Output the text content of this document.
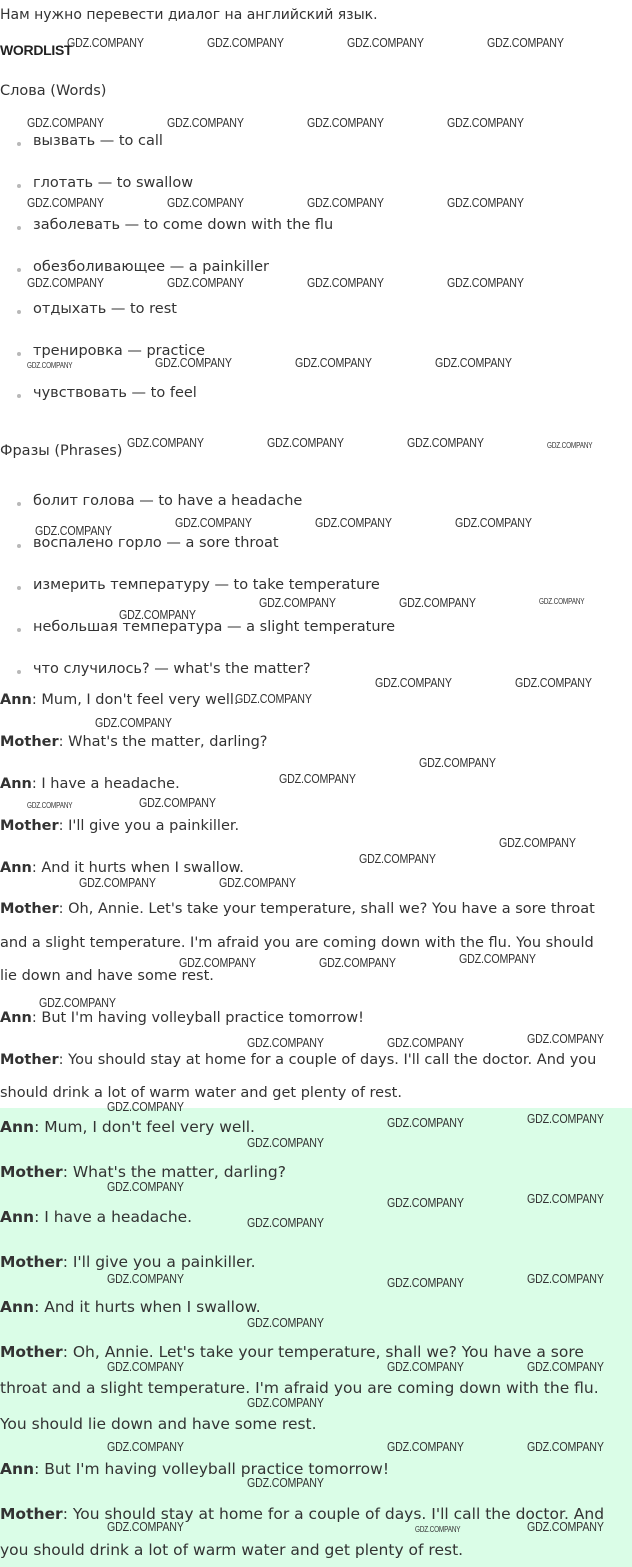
Нам нужно перевести диалог на английский язык.
WORDLIST
Слова (Words)
вызвать — to call
глотать — to swallow
заболевать — to come down with the flu
обезболивающее — a painkiller
отдыхать — to rest
тренировка — practice
чувствовать — to feel
Фразы (Phrases)
болит голова — to have a headache
воспалено горло — a sore throat
измерить температуру — to take temperature
небольшая температура — a slight temperature
что случилось? — what's the matter?
Ann: Mum, I don't feel very well.
Mother: What's the matter, darling?
Ann: I have a headache.
Mother: I'll give you a painkiller.
Ann: And it hurts when I swallow.
Mother: Oh, Annie. Let's take your temperature, shall we? You have a sore throat
and a slight temperature. I'm afraid you are coming down with the flu. You should
lie down and have some rest.
Ann: But I'm having volleyball practice tomorrow!
Mother: You should stay at home for a couple of days. I'll call the doctor. And you
should drink a lot of warm water and get plenty of rest.
Ann: Mum, I don't feel very well.
Mother: What's the matter, darling?
Ann: I have a headache.
Mother: I'll give you a painkiller.
Ann: And it hurts when I swallow.
Mother: Oh, Annie. Let's take your temperature, shall we? You have a sore
throat and a slight temperature. I'm afraid you are coming down with the flu.
You should lie down and have some rest.
Ann: But I'm having volleyball practice tomorrow!
Mother: You should stay at home for a couple of days. I'll call the doctor. And
you should drink a lot of warm water and get plenty of rest.
GDZ.COMPANY	GDZ.COMPANY	GDZ.COMPANY	GDZ.COMPANY
GDZ.COMPANY	GDZ.COMPANY	GDZ.COMPANY	GDZ.COMPANY
GDZ.COMPANY	GDZ.COMPANY	GDZ.COMPANY	GDZ.COMPANY
GDZ.COMPANY	GDZ.COMPANY	GDZ.COMPANY	GDZ.COMPANY
GDZ.COMPANY	GDZ.COMPANY	GDZ.COMPANY	GDZ.COMPANY
GDZ.COMPANY	GDZ.COMPANY	GDZ.COMPANY	GDZ.COMPANY
GDZ.COMPANY
GDZ.COMPANY	GDZ.COMPANY	GDZ.COMPANY
GDZ.COMPANY
GDZ.COMPANY	GDZ.COMPANY	GDZ.COMPANY
GDZ.COMPANY	GDZ.COMPANY
GDZ.COMPANY
GDZ.COMPANY
GDZ.COMPANY
GDZ.COMPANY
GDZ.COMPANY	GDZ.COMPANY
GDZ.COMPANY
GDZ.COMPANY
GDZ.COMPANY	GDZ.COMPANY
GDZ.COMPANY	GDZ.COMPANY	GDZ.COMPANY
GDZ.COMPANY
GDZ.COMPANY	GDZ.COMPANY	GDZ.COMPANY
GDZ.COMPANY
GDZ.COMPANY	GDZ.COMPANY
GDZ.COMPANY
GDZ.COMPANY
GDZ.COMPANY	GDZ.COMPANY
GDZ.COMPANY
GDZ.COMPANY	GDZ.COMPANY	GDZ.COMPANY
GDZ.COMPANY
GDZ.COMPANY	GDZ.COMPANY	GDZ.COMPANY
GDZ.COMPANY
GDZ.COMPANY	GDZ.COMPANY	GDZ.COMPANY
GDZ.COMPANY
GDZ.COMPANY	GDZ.COMPANY	GDZ.COMPANY
